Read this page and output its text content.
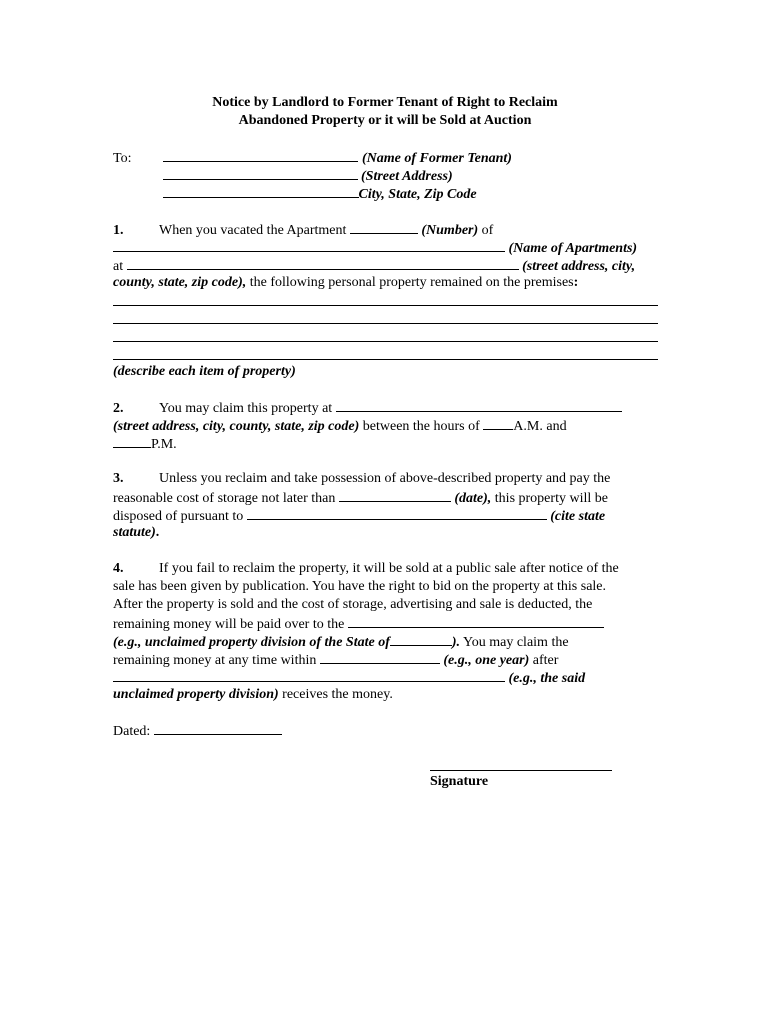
Notice by Landlord to Former Tenant of Right to Reclaim
Abandoned Property or it will be Sold at Auction
To:	(Name of Former Tenant)
(Street Address)
City, State, Zip Code
1.	When you vacated the Apartment	(Number) of
(Name of Apartments)
at	(street address, city,
county, state, zip code), the following personal property remained on the premises:
(describe each item of property)
2.	You may claim this property at
(street address, city, county, state, zip code) between the hours of A.M. and
P.M.
3.	Unless you reclaim and take possession of above-described property and pay the
reasonable cost of storage not later than	(date), this property will be
disposed of pursuant to	(cite state
statute).
4.	If you fail to reclaim the property, it will be sold at a public sale after notice of the
sale has been given by publication. You have the right to bid on the property at this sale.
After the property is sold and the cost of storage, advertising and sale is deducted, the
remaining money will be paid over to the
(e.g., unclaimed property division of the State of	). You may claim the
remaining money at any time within	(e.g., one year) after
(e.g., the said
unclaimed property division) receives the money.
Dated:
Signature
